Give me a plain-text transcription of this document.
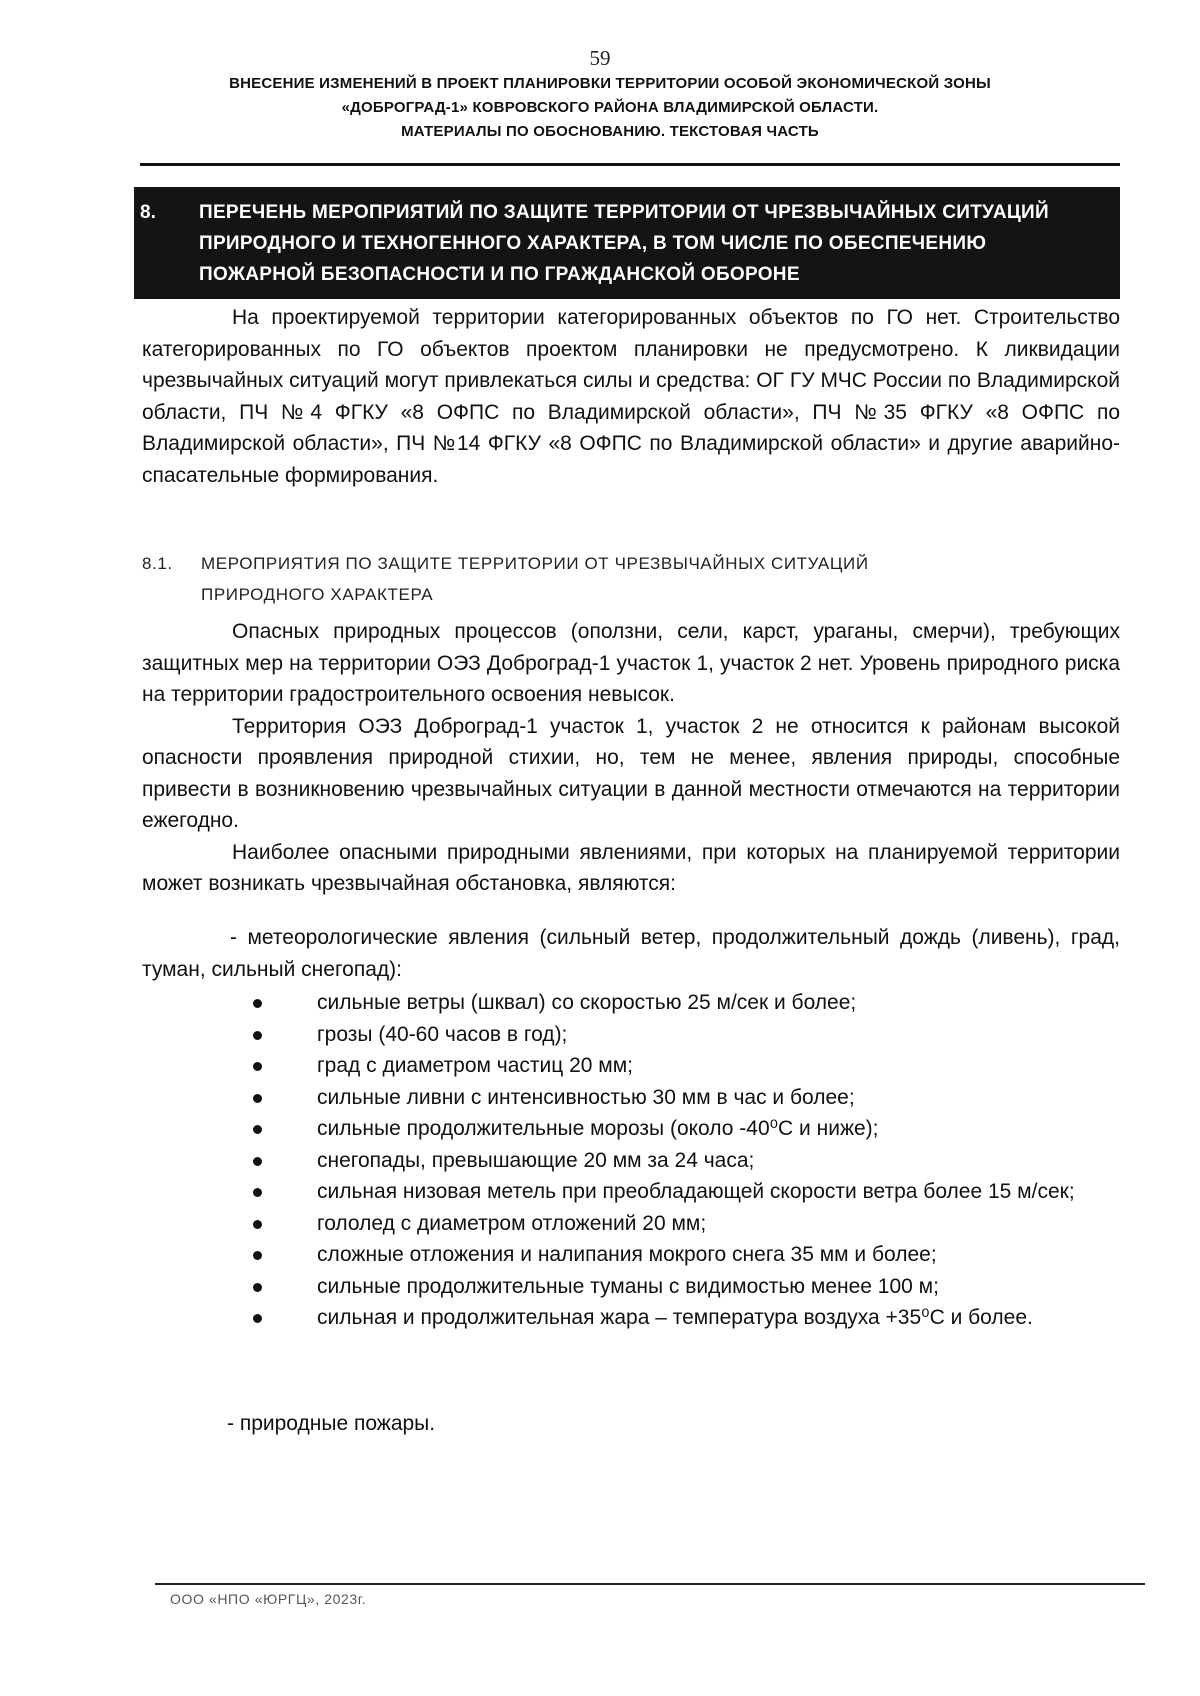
59
ВНЕСЕНИЕ ИЗМЕНЕНИЙ В ПРОЕКТ ПЛАНИРОВКИ ТЕРРИТОРИИ ОСОБОЙ ЭКОНОМИЧЕСКОЙ ЗОНЫ
«ДОБРОГРАД-1» КОВРОВСКОГО РАЙОНА ВЛАДИМИРСКОЙ ОБЛАСТИ.
МАТЕРИАЛЫ ПО ОБОСНОВАНИЮ. ТЕКСТОВАЯ ЧАСТЬ
8. ПЕРЕЧЕНЬ МЕРОПРИЯТИЙ ПО ЗАЩИТЕ ТЕРРИТОРИИ ОТ ЧРЕЗВЫЧАЙНЫХ СИТУАЦИЙ
ПРИРОДНОГО И ТЕХНОГЕННОГО ХАРАКТЕРА, В ТОМ ЧИСЛЕ ПО ОБЕСПЕЧЕНИЮ
ПОЖАРНОЙ БЕЗОПАСНОСТИ И ПО ГРАЖДАНСКОЙ ОБОРОНЕ

На проектируемой территории категорированных объектов по ГО нет. Строительство категорированных по ГО объектов проектом планировки не предусмотрено. К ликвидации чрезвычайных ситуаций могут привлекаться силы и средства: ОГ ГУ МЧС России по Владимирской области, ПЧ №4 ФГКУ «8 ОФПС по Владимирской области», ПЧ №35 ФГКУ «8 ОФПС по Владимирской области», ПЧ №14 ФГКУ «8 ОФПС по Владимирской области» и другие аварийно-спасательные формирования.

8.1. МЕРОПРИЯТИЯ ПО ЗАЩИТЕ ТЕРРИТОРИИ ОТ ЧРЕЗВЫЧАЙНЫХ СИТУАЦИЙ
ПРИРОДНОГО ХАРАКТЕРА

Опасных природных процессов (оползни, сели, карст, ураганы, смерчи), требующих защитных мер на территории ОЭЗ Доброград-1 участок 1, участок 2 нет. Уровень природного риска на территории градостроительного освоения невысок.

Территория ОЭЗ Доброград-1 участок 1, участок 2 не относится к районам высокой опасности проявления природной стихии, но, тем не менее, явления природы, способные привести в возникновению чрезвычайных ситуации в данной местности отмечаются на территории ежегодно.

Наиболее опасными природными явлениями, при которых на планируемой территории может возникать чрезвычайная обстановка, являются:

- метеорологические явления (сильный ветер, продолжительный дождь (ливень), град, туман, сильный снегопад):

сильные ветры (шквал) со скоростью 25 м/сек и более;
грозы (40-60 часов в год);
град с диаметром частиц 20 мм;
сильные ливни с интенсивностью 30 мм в час и более;
сильные продолжительные морозы (около -40⁰С и ниже);
снегопады, превышающие 20 мм за 24 часа;
сильная низовая метель при преобладающей скорости ветра более 15 м/сек;
гололед с диаметром отложений 20 мм;
сложные отложения и налипания мокрого снега 35 мм и более;
сильные продолжительные туманы с видимостью менее 100 м;
сильная и продолжительная жара – температура воздуха +35⁰С и более.
- природные пожары.
ООО «НПО «ЮРГЦ», 2023г.
